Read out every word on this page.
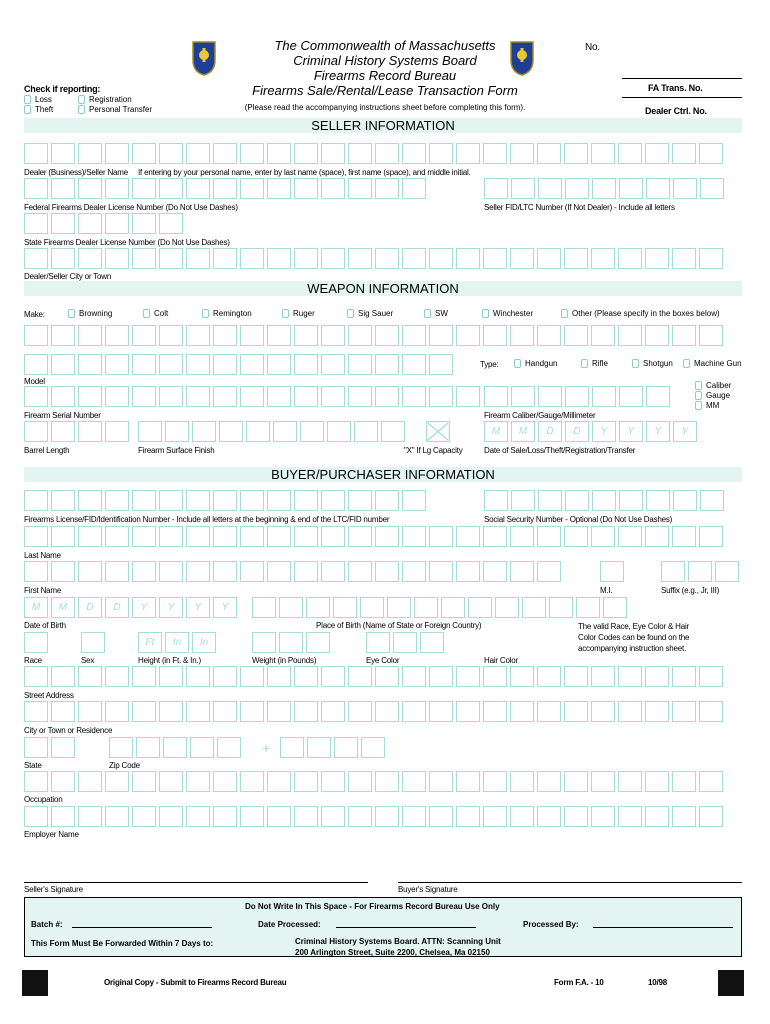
The Commonwealth of Massachusetts
Criminal History Systems Board
Firearms Record Bureau
Firearms Sale/Rental/Lease Transaction Form
(Please read the accompanying instructions sheet before completing this form).
No.
FA Trans. No.
Dealer Ctrl. No.
Check if reporting:
Loss
Theft
Registration
Personal Transfer
SELLER INFORMATION
Dealer (Business)/Seller Name If entering by your personal name, enter by last name (space), first name (space), and middle initial.
Federal Firearms Dealer License Number (Do Not Use Dashes)	Seller FID/LTC Number (If Not Dealer) - Include all letters
State Firearms Dealer License Number (Do Not Use Dashes)
Dealer/Seller City or Town
WEAPON INFORMATION
Make:	Browning	Colt	Remington	Ruger	Sig Sauer	SW	Winchester	Other (Please specify in the boxes below)
Type:	Handgun	Rifle	Shotgun	Machine Gun
Model	Caliber
Gauge
MM
Firearm Serial Number	Firearm Caliber/Gauge/Millimeter
M	M	D	D	Y	Y	Y	Y
Barrel Length	Firearm Surface Finish	"X" If Lg Capacity	Date of Sale/Loss/Theft/Registration/Transfer
BUYER/PURCHASER INFORMATION
Firearms License/FID/Identification Number - Include all letters at the beginning & end of the LTC/FID number	Social Security Number - Optional (Do Not Use Dashes)
Last Name
First Name	M.I.	Suffix (e.g., Jr, III)
M	M	D	D	Y	Y	Y	Y
Date of Birth	Place of Birth (Name of State or Foreign Country)	The valid Race, Eye Color & Hair
Color Codes can be found on the
accompanying instruction sheet.
Ft	In	In
Race	Sex	Height (in Ft. & In.)	Weight (in Pounds)	Eye Color	Hair Color
Street Address
City or Town or Residence
+
State	Zip Code
Occupation
Employer Name
Seller's Signature	Buyer's Signature
Do Not Write In This Space - For Firearms Record Bureau Use Only
Batch #:	Date Processed:	Processed By:
This Form Must Be Forwarded Within 7 Days to:	Criminal History Systems Board. ATTN: Scanning Unit
200 Arlington Street, Suite 2200, Chelsea, Ma 02150
Original Copy - Submit to Firearms Record Bureau	Form F.A. - 10	10/98
